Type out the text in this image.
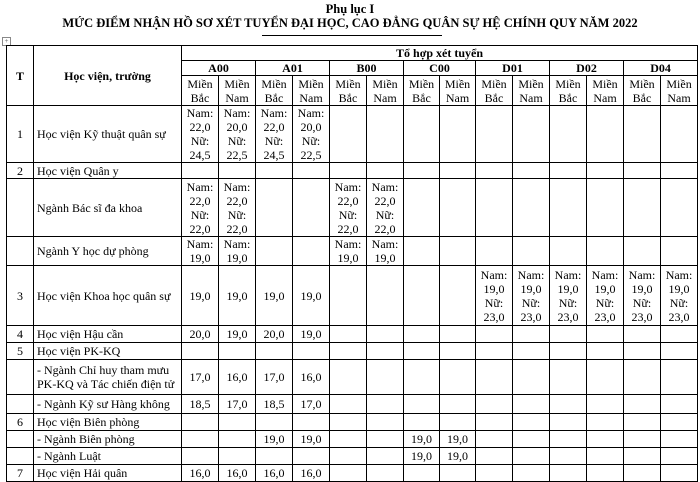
Phụ lục I
MỨC ĐIỂM NHẬN HỒ SƠ XÉT TUYỂN ĐẠI HỌC, CAO ĐẲNG QUÂN SỰ HỆ CHÍNH QUY NĂM 2022
+
T	Học viện, trường	Tổ hợp xét tuyển													
		A00		A01		B00		C00		D01		D02		D04	
		Miền Bắc	Miền Nam	Miền Bắc	Miền Nam	Miền Bắc	Miền Nam	Miền Bắc	Miền Nam	Miền Bắc	Miền Nam	Miền Bắc	Miền Nam	Miền Bắc	Miền Nam
1	Học viện Kỹ thuật quân sự	Nam: 22,0 Nữ: 24,5	Nam: 20,0 Nữ: 22,5	Nam: 22,0 Nữ: 24,5	Nam: 20,0 Nữ: 22,5										
2	Học viện Quân y														
	Ngành Bác sĩ đa khoa	Nam: 22,0 Nữ: 22,0	Nam: 22,0 Nữ: 22,0			Nam: 22,0 Nữ: 22,0	Nam: 22,0 Nữ: 22,0								
	Ngành Y học dự phòng	Nam: 19,0	Nam: 19,0			Nam: 19,0	Nam: 19,0								
3	Học viện Khoa học quân sự	19,0	19,0	19,0	19,0					Nam: 19,0 Nữ: 23,0	Nam: 19,0 Nữ: 23,0	Nam: 19,0 Nữ: 23,0	Nam: 19,0 Nữ: 23,0	Nam: 19,0 Nữ: 23,0	Nam: 19,0 Nữ: 23,0
4	Học viện Hậu cần	20,0	19,0	20,0	19,0										
5	Học viện PK-KQ														
	- Ngành Chỉ huy tham mưu PK-KQ và Tác chiến điện tử	17,0	16,0	17,0	16,0										
	- Ngành Kỹ sư Hàng không	18,5	17,0	18,5	17,0										
6	Học viện Biên phòng														
	- Ngành Biên phòng			19,0	19,0			19,0	19,0						
	- Ngành Luật							19,0	19,0						
7	Học viện Hải quân	16,0	16,0	16,0	16,0										
